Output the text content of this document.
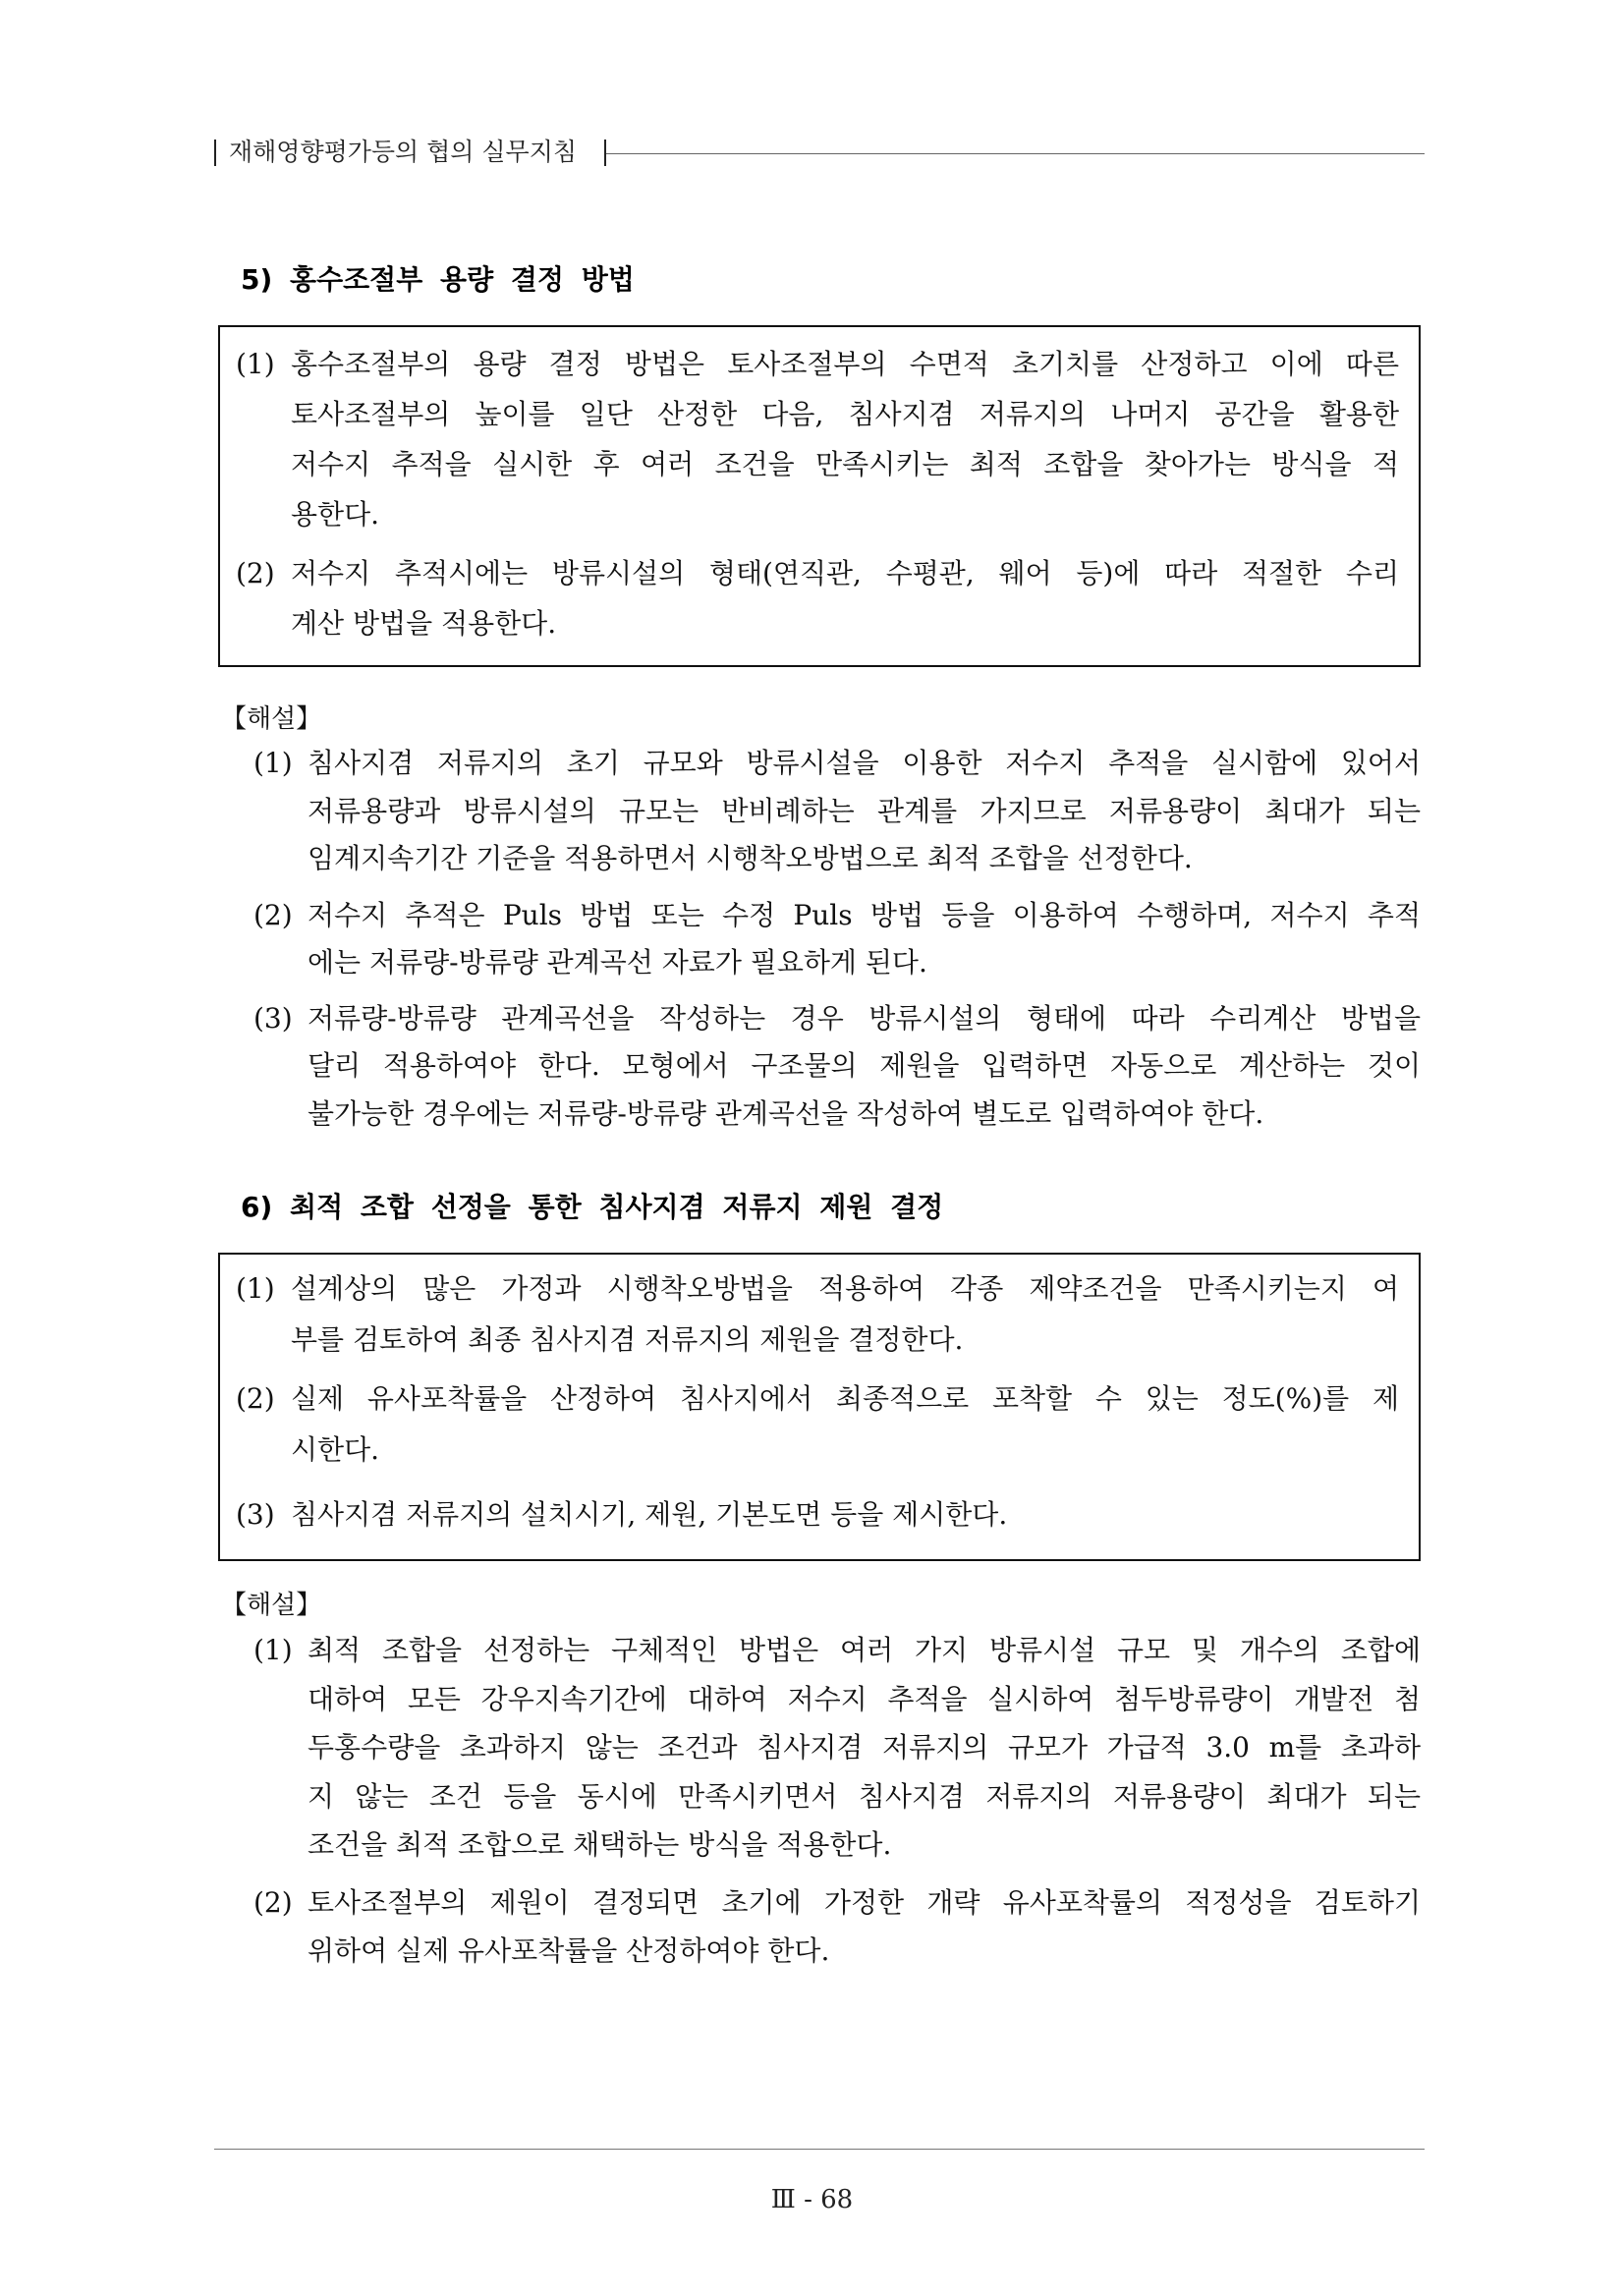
재해영향평가등의 협의 실무지침
5) 홍수조절부 용량 결정 방법
(1) 홍수조절부의 용량 결정 방법은 토사조절부의 수면적 초기치를 산정하고 이에 따른
토사조절부의 높이를 일단 산정한 다음, 침사지겸 저류지의 나머지 공간을 활용한
저수지 추적을 실시한 후 여러 조건을 만족시키는 최적 조합을 찾아가는 방식을 적
용한다.
(2) 저수지 추적시에는 방류시설의 형태(연직관, 수평관, 웨어 등)에 따라 적절한 수리
계산 방법을 적용한다.
【해설】
(1) 침사지겸 저류지의 초기 규모와 방류시설을 이용한 저수지 추적을 실시함에 있어서
저류용량과 방류시설의 규모는 반비례하는 관계를 가지므로 저류용량이 최대가 되는
임계지속기간 기준을 적용하면서 시행착오방법으로 최적 조합을 선정한다.
(2) 저수지 추적은 Puls 방법 또는 수정 Puls 방법 등을 이용하여 수행하며, 저수지 추적
에는 저류량-방류량 관계곡선 자료가 필요하게 된다.
(3) 저류량-방류량 관계곡선을 작성하는 경우 방류시설의 형태에 따라 수리계산 방법을
달리 적용하여야 한다. 모형에서 구조물의 제원을 입력하면 자동으로 계산하는 것이
불가능한 경우에는 저류량-방류량 관계곡선을 작성하여 별도로 입력하여야 한다.
6) 최적 조합 선정을 통한 침사지겸 저류지 제원 결정
(1) 설계상의 많은 가정과 시행착오방법을 적용하여 각종 제약조건을 만족시키는지 여
부를 검토하여 최종 침사지겸 저류지의 제원을 결정한다.
(2) 실제 유사포착률을 산정하여 침사지에서 최종적으로 포착할 수 있는 정도(%)를 제
시한다.
(3) 침사지겸 저류지의 설치시기, 제원, 기본도면 등을 제시한다.
【해설】
(1) 최적 조합을 선정하는 구체적인 방법은 여러 가지 방류시설 규모 및 개수의 조합에
대하여 모든 강우지속기간에 대하여 저수지 추적을 실시하여 첨두방류량이 개발전 첨
두홍수량을 초과하지 않는 조건과 침사지겸 저류지의 규모가 가급적 3.0 m를 초과하
지 않는 조건 등을 동시에 만족시키면서 침사지겸 저류지의 저류용량이 최대가 되는
조건을 최적 조합으로 채택하는 방식을 적용한다.
(2) 토사조절부의 제원이 결정되면 초기에 가정한 개략 유사포착률의 적정성을 검토하기
위하여 실제 유사포착률을 산정하여야 한다.
Ⅲ - 68
